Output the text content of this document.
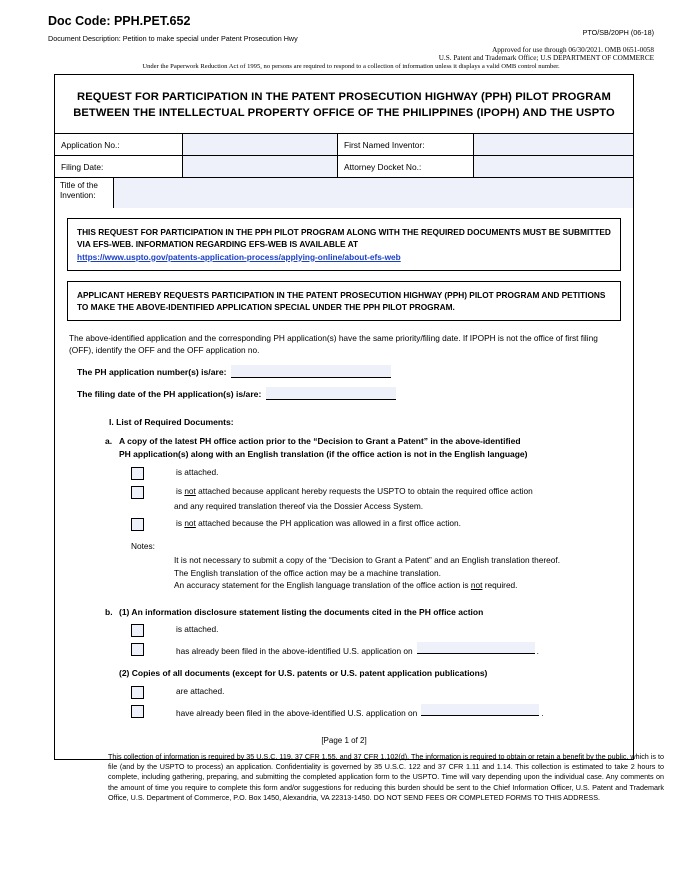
Doc Code: PPH.PET.652
Document Description: Petition to make special under Patent Prosecution Hwy
PTO/SB/20PH (06-18)
Approved for use through 06/30/2021. OMB 0651-0058
U.S. Patent and Trademark Office; U.S DEPARTMENT OF COMMERCE
Under the Paperwork Reduction Act of 1995, no persons are required to respond to a collection of information unless it displays a valid OMB control number.
REQUEST FOR PARTICIPATION IN THE PATENT PROSECUTION HIGHWAY (PPH) PILOT PROGRAM
BETWEEN THE INTELLECTUAL PROPERTY OFFICE OF THE PHILIPPINES (IPOPH) AND THE USPTO
Application No.:	First Named Inventor:
Filing Date:	Attorney Docket No.:
Title of the Invention:
THIS REQUEST FOR PARTICIPATION IN THE PPH PILOT PROGRAM ALONG WITH THE REQUIRED DOCUMENTS MUST BE SUBMITTED VIA EFS-WEB. INFORMATION REGARDING EFS-WEB IS AVAILABLE AT
https://www.uspto.gov/patents-application-process/applying-online/about-efs-web
APPLICANT HEREBY REQUESTS PARTICIPATION IN THE PATENT PROSECUTION HIGHWAY (PPH) PILOT PROGRAM AND PETITIONS TO MAKE THE ABOVE-IDENTIFIED APPLICATION SPECIAL UNDER THE PPH PILOT PROGRAM.
The above-identified application and the corresponding PH application(s) have the same priority/filing date. If IPOPH is not the office of first filing (OFF), identify the OFF and the OFF application no.
The PH application number(s) is/are:
The filing date of the PH application(s) is/are:
I. List of Required Documents:
a. A copy of the latest PH office action prior to the “Decision to Grant a Patent” in the above-identified
PH application(s) along with an English translation (if the office action is not in the English language)
is attached.
is not attached because applicant hereby requests the USPTO to obtain the required office action
and any required translation thereof via the Dossier Access System.
is not attached because the PH application was allowed in a first office action.
Notes:
It is not necessary to submit a copy of the “Decision to Grant a Patent” and an English translation thereof.
The English translation of the office action may be a machine translation.
An accuracy statement for the English language translation of the office action is not required.
b. (1) An information disclosure statement listing the documents cited in the PH office action
is attached.
has already been filed in the above-identified U.S. application on	.
(2) Copies of all documents (except for U.S. patents or U.S. patent application publications)
are attached.
have already been filed in the above-identified U.S. application on	.
[Page 1 of 2]
This collection of information is required by 35 U.S.C. 119, 37 CFR 1.55, and 37 CFR 1.102(d). The information is required to obtain or retain a benefit by the public, which is to file (and by the USPTO to process) an application. Confidentiality is governed by 35 U.S.C. 122 and 37 CFR 1.11 and 1.14. This collection is estimated to take 2 hours to complete, including gathering, preparing, and submitting the completed application form to the USPTO. Time will vary depending upon the individual case. Any comments on the amount of time you require to complete this form and/or suggestions for reducing this burden should be sent to the Chief Information Officer, U.S. Patent and Trademark Office, U.S. Department of Commerce, P.O. Box 1450, Alexandria, VA 22313-1450. DO NOT SEND FEES OR COMPLETED FORMS TO THIS ADDRESS.
